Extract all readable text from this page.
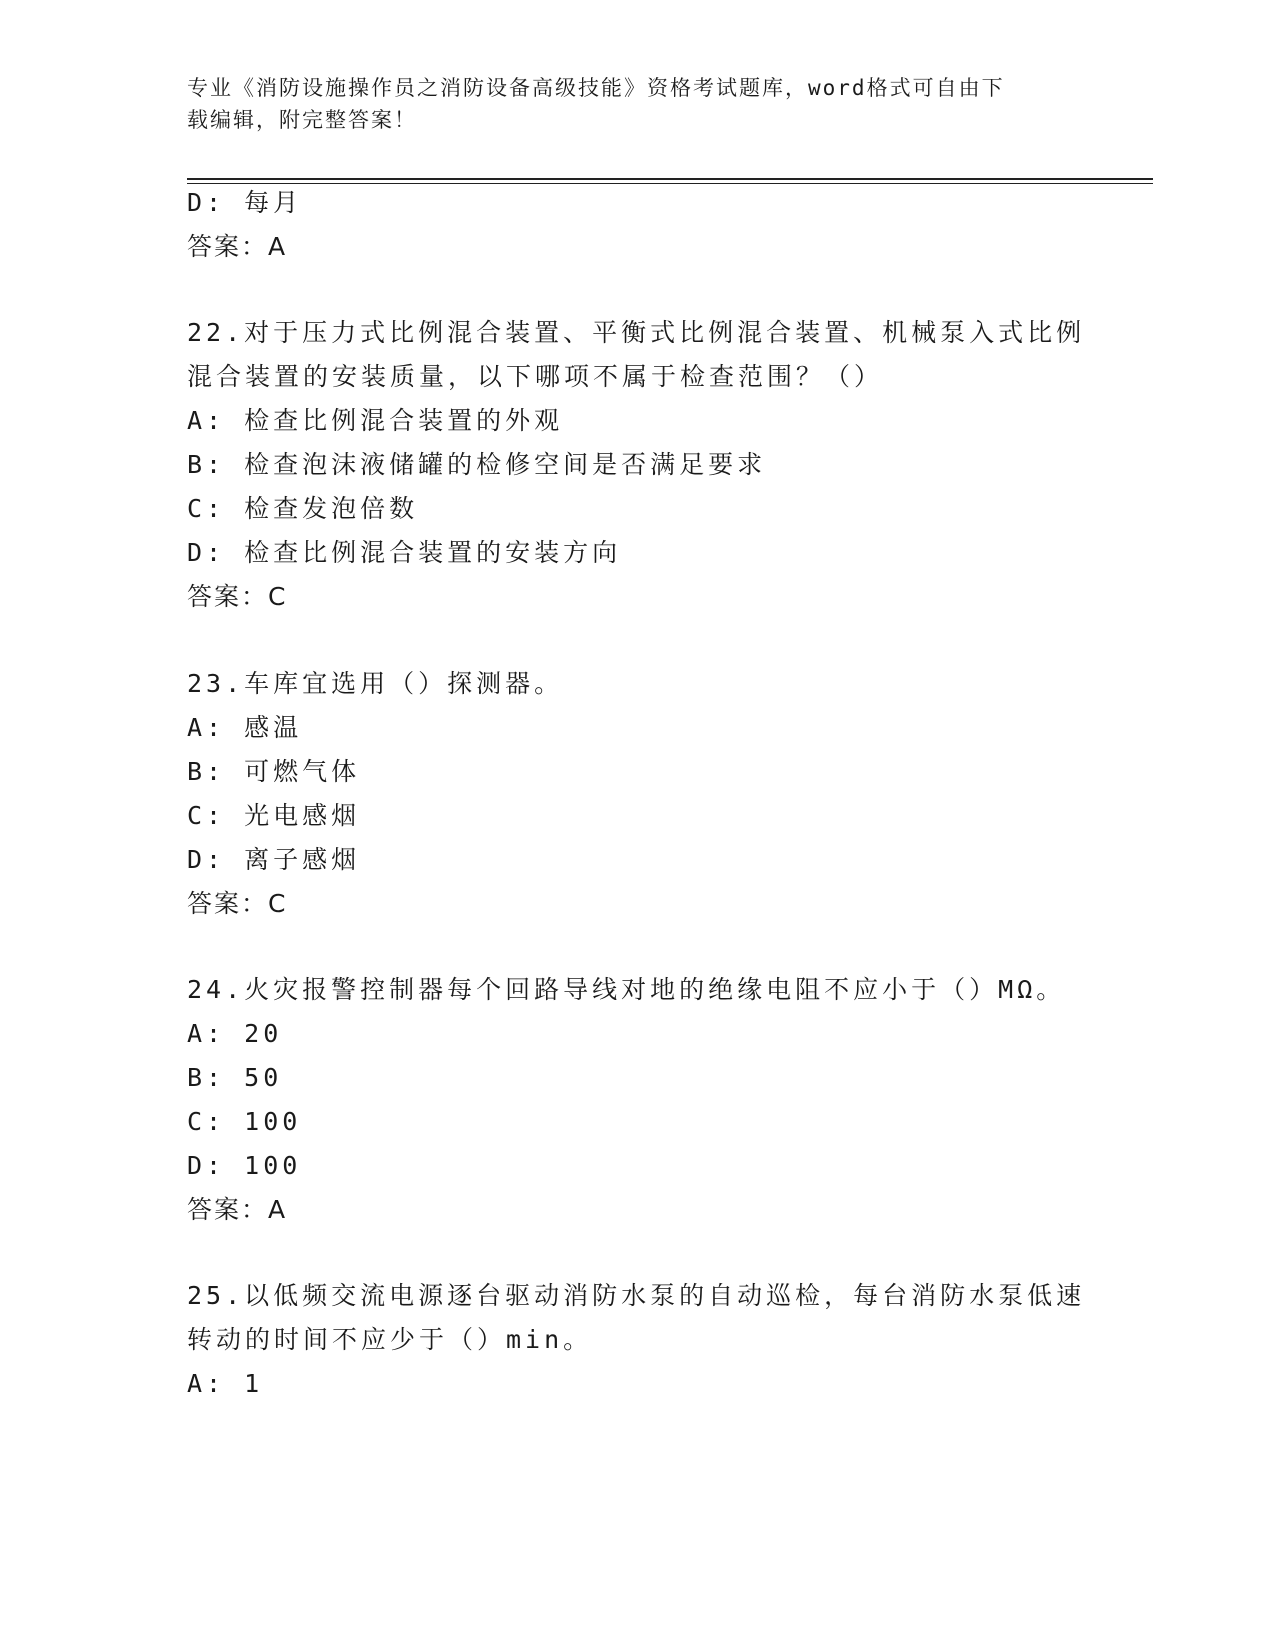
专业《消防设施操作员之消防设备高级技能》资格考试题库，word格式可自由下
载编辑，附完整答案！
D: 每月
答案：A
22.对于压力式比例混合装置、平衡式比例混合装置、机械泵入式比例
混合装置的安装质量，以下哪项不属于检查范围？（）
A: 检查比例混合装置的外观
B: 检查泡沫液储罐的检修空间是否满足要求
C: 检查发泡倍数
D: 检查比例混合装置的安装方向
答案：C
23.车库宜选用（）探测器。
A: 感温
B: 可燃气体
C: 光电感烟
D: 离子感烟
答案：C
24.火灾报警控制器每个回路导线对地的绝缘电阻不应小于（）MΩ。
A: 20
B: 50
C: 100
D: 100
答案：A
25.以低频交流电源逐台驱动消防水泵的自动巡检，每台消防水泵低速
转动的时间不应少于（）min。
A: 1
